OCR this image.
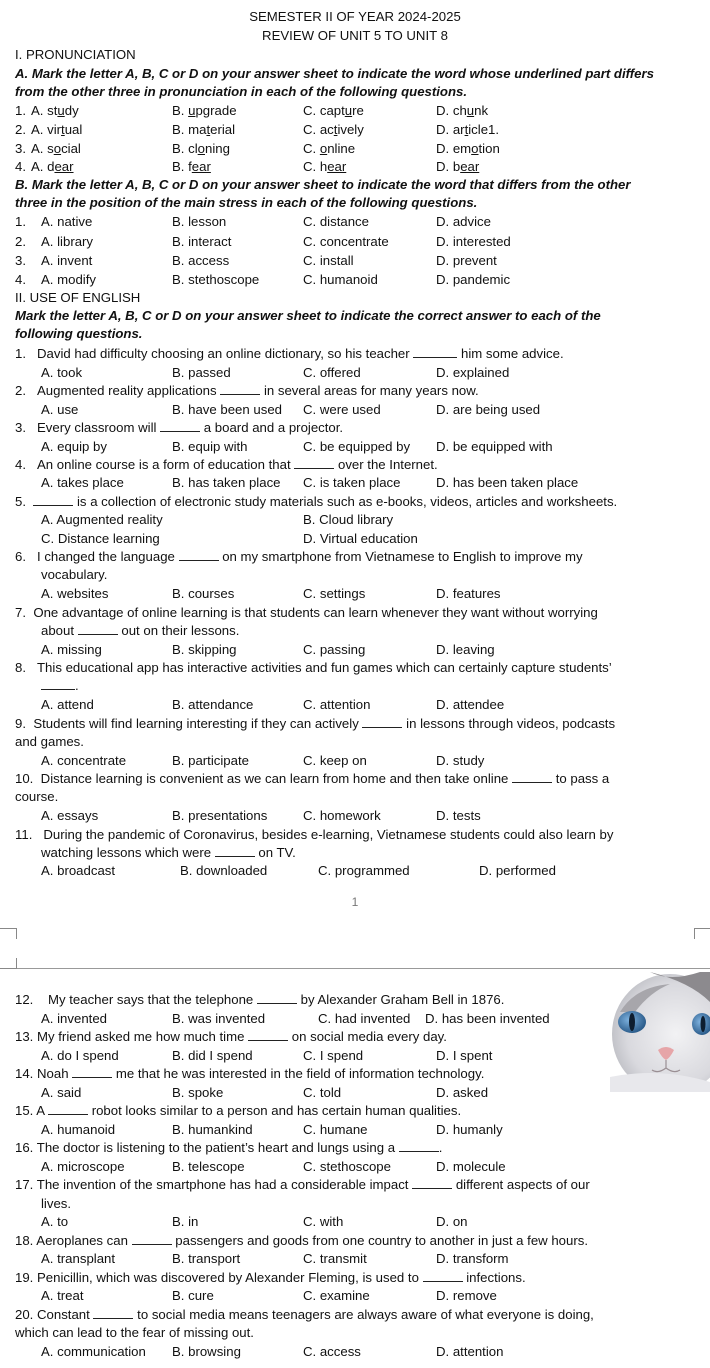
SEMESTER II OF YEAR 2024-2025
REVIEW OF UNIT 5 TO UNIT 8
I. PRONUNCIATION
A. Mark the letter A, B, C or D on your answer sheet to indicate the word whose underlined part differs
from the other three in pronunciation in each of the following questions.
1. A. study	B. upgrade	C. capture	D. chunk
2. A. virtual	B. material	C. actively	D. article1.
3. A. social	B. cloning	C. online	D. emotion
4. A. dear	B. fear	C. hear	D. bear
B. Mark the letter A, B, C or D on your answer sheet to indicate the word that differs from the other
three in the position of the main stress in each of the following questions.
1. A. native	B. lesson	C. distance	D. advice
2. A. library	B. interact	C. concentrate	D. interested
3. A. invent	B. access	C. install	D. prevent
4. A. modify	B. stethoscope	C. humanoid	D. pandemic
II. USE OF ENGLISH
Mark the letter A, B, C or D on your answer sheet to indicate the correct answer to each of the
following questions.
1. David had difficulty choosing an online dictionary, so his teacher	him some advice.
A. took	B. passed	C. offered	D. explained
2. Augmented reality applications	in several areas for many years now.
A. use	B. have been used C. were used	D. are being used
3. Every classroom will	a board and a projector.
A. equip by	B. equip with	C. be equipped by D. be equipped with
4. An online course is a form of education that	over the Internet.
A. takes place	B. has taken place C. is taken place	D. has been taken place
5.	is a collection of electronic study materials such as e-books, videos, articles and worksheets.
A. Augmented reality	B. Cloud library
C. Distance learning	D. Virtual education
6. I changed the language	on my smartphone from Vietnamese to English to improve my
vocabulary.
A. websites	B. courses	C. settings	D. features
7. One advantage of online learning is that students can learn whenever they want without worrying
about	out on their lessons.
A. missing	B. skipping	C. passing	D. leaving
8. This educational app has interactive activities and fun games which can certainly capture students’
.
A. attend	B. attendance	C. attention	D. attendee
9. Students will find learning interesting if they can actively	in lessons through videos, podcasts
and games.
A. concentrate	B. participate	C. keep on	D. study
10. Distance learning is convenient as we can learn from home and then take online	to pass a
course.
A. essays	B. presentations	C. homework	D. tests
11. During the pandemic of Coronavirus, besides e-learning, Vietnamese students could also learn by
watching lessons which were	on TV.
A. broadcast	B. downloaded	C. programmed	D. performed
1
12. My teacher says that the telephone	by Alexander Graham Bell in 1876.
A. invented	B. was invented	C. had invented D. has been invented
13. My friend asked me how much time	on social media every day.
A. do I spend	B. did I spend	C. I spend	D. I spent
14. Noah	me that he was interested in the field of information technology.
A. said	B. spoke	C. told	D. asked
15. A	robot looks similar to a person and has certain human qualities.
A. humanoid	B. humankind	C. humane	D. humanly
16. The doctor is listening to the patient’s heart and lungs using a	.
A. microscope	B. telescope	C. stethoscope	D. molecule
17. The invention of the smartphone has had a considerable impact	different aspects of our
lives.
A. to	B. in	C. with	D. on
18. Aeroplanes can	passengers and goods from one country to another in just a few hours.
A. transplant	B. transport	C. transmit	D. transform
19. Penicillin, which was discovered by Alexander Fleming, is used to	infections.
A. treat	B. cure	C. examine	D. remove
20. Constant	to social media means teenagers are always aware of what everyone is doing,
which can lead to the fear of missing out.
A. communication B. browsing	C. access	D. attention
